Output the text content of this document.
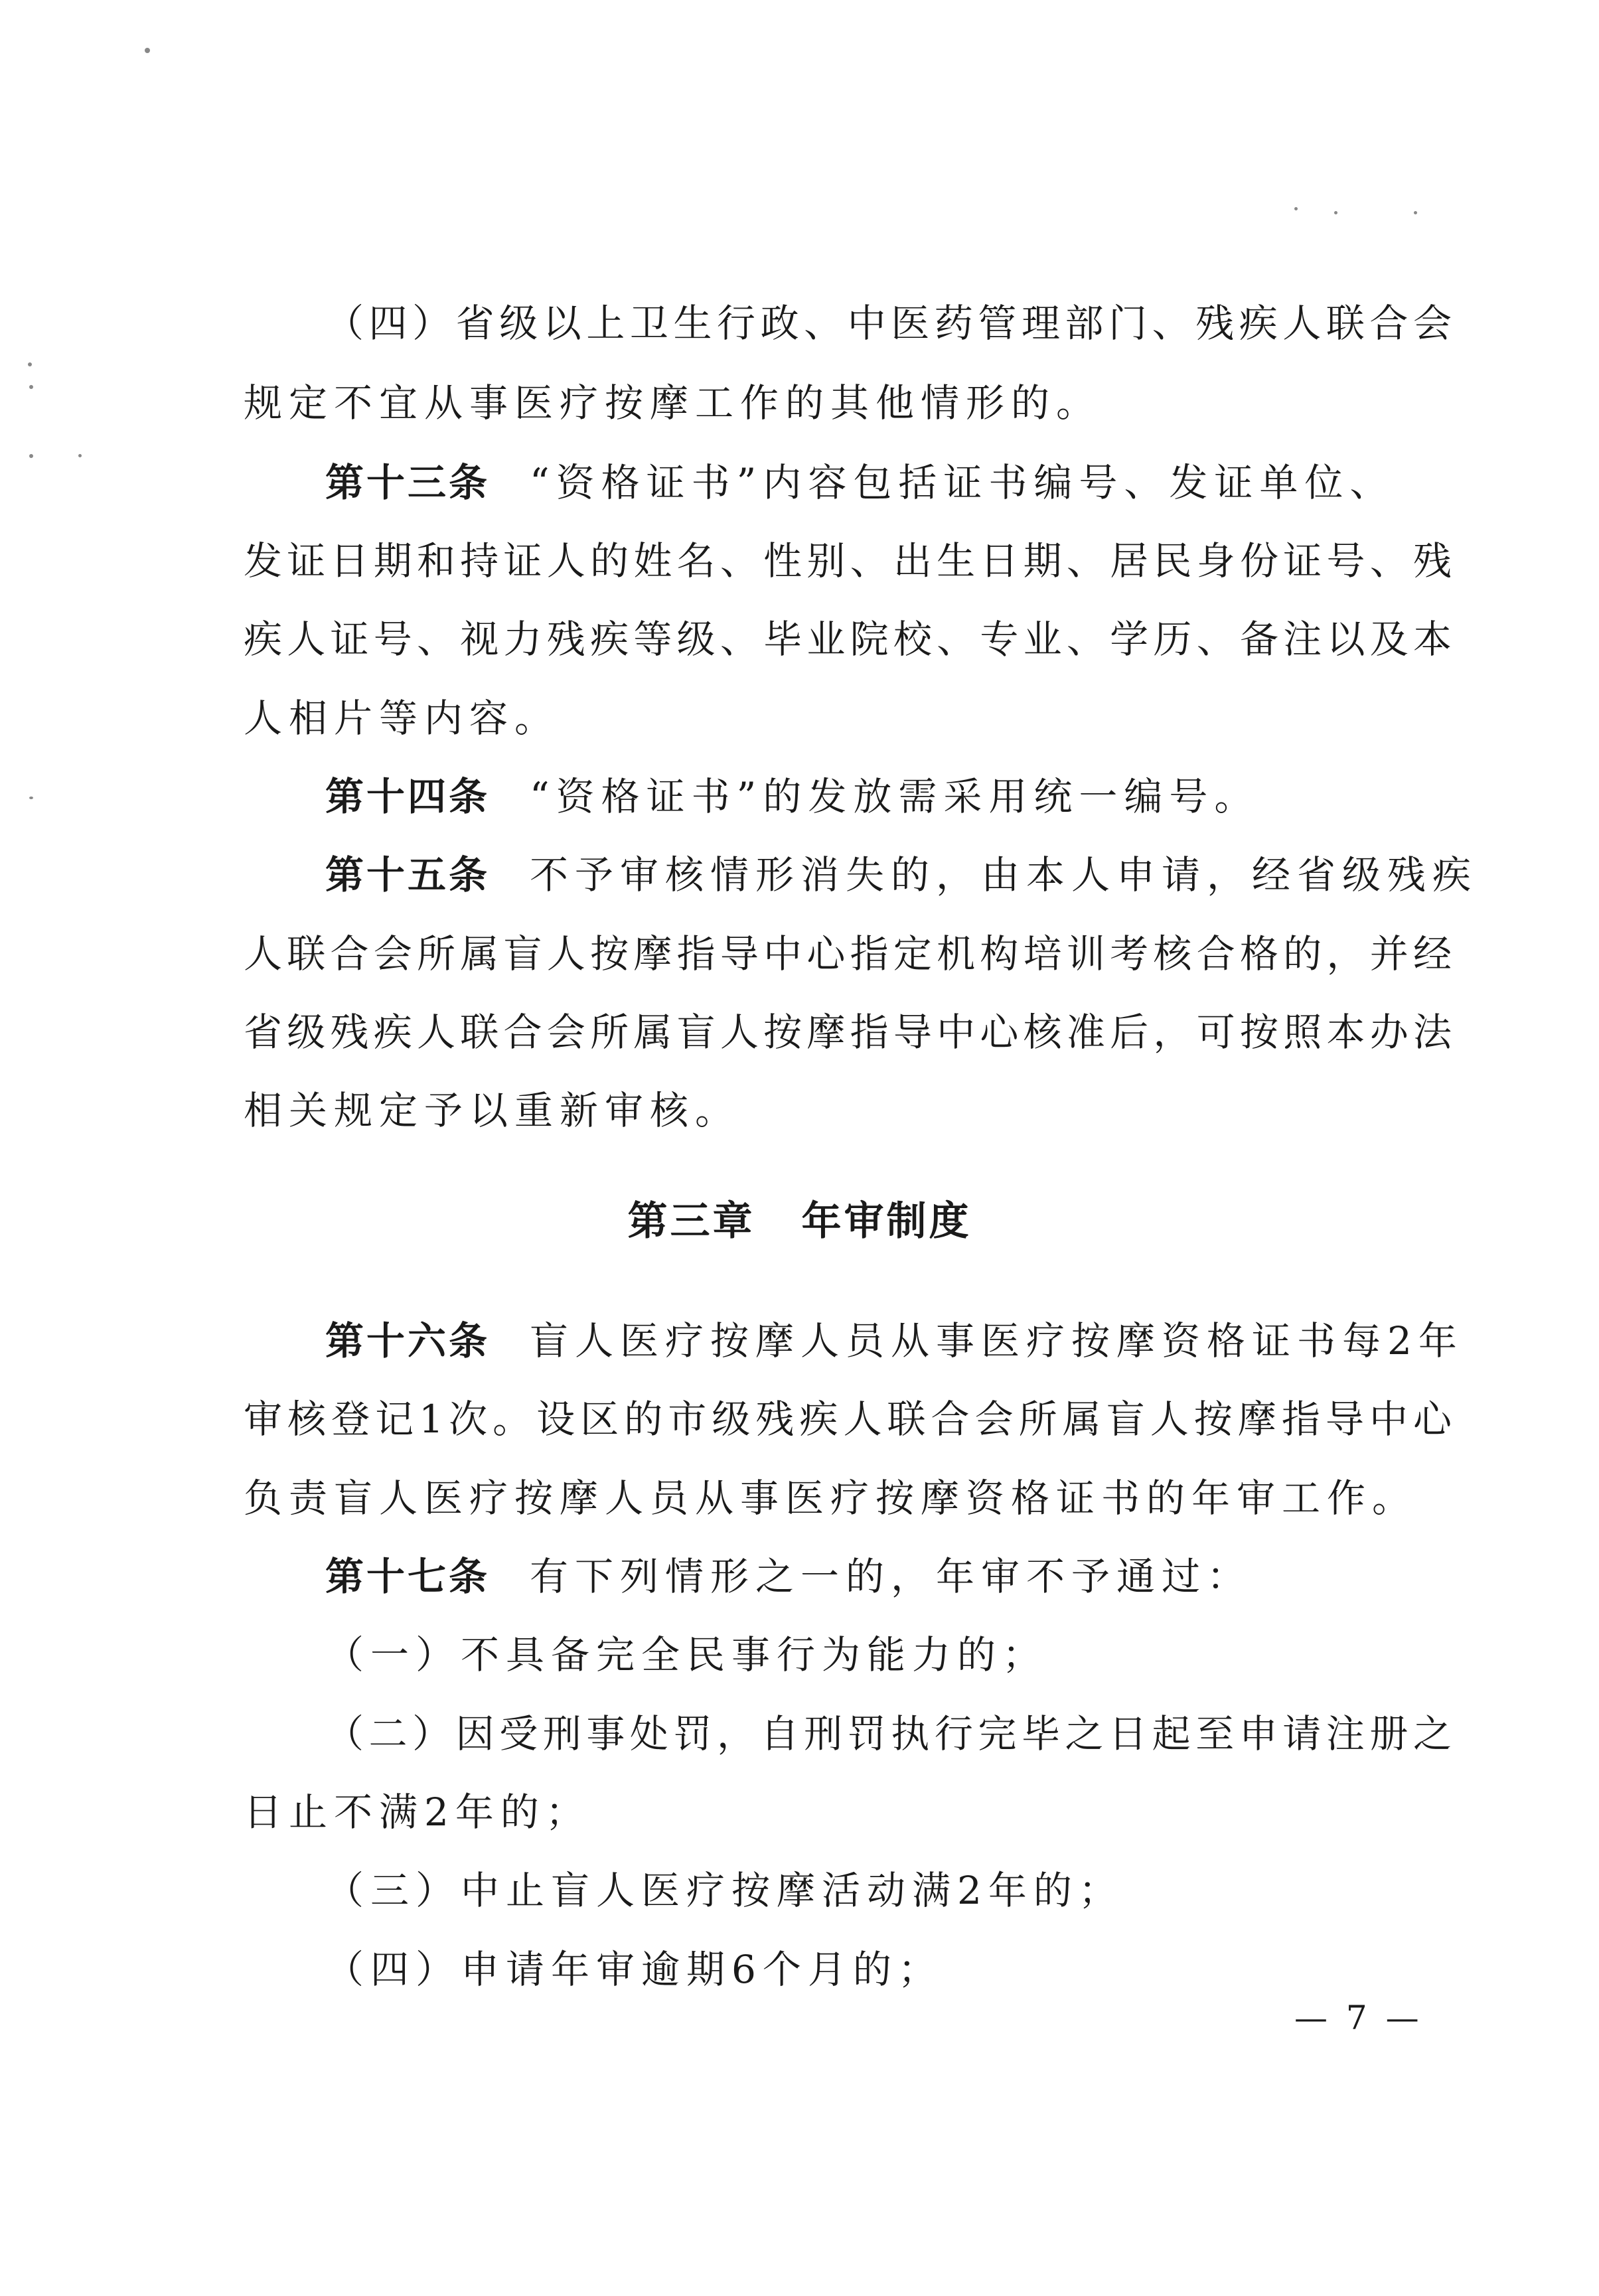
（四）省级以上卫生行政、中医药管理部门、残疾人联合会
规定不宜从事医疗按摩工作的其他情形的。
第十三条 “资格证书”内容包括证书编号、发证单位、
发证日期和持证人的姓名、性别、出生日期、居民身份证号、残
疾人证号、视力残疾等级、毕业院校、专业、学历、备注以及本
人相片等内容。
第十四条 “资格证书”的发放需采用统一编号。
第十五条 不予审核情形消失的，由本人申请，经省级残疾
人联合会所属盲人按摩指导中心指定机构培训考核合格的，并经
省级残疾人联合会所属盲人按摩指导中心核准后，可按照本办法
相关规定予以重新审核。
第三章 年审制度
第十六条 盲人医疗按摩人员从事医疗按摩资格证书每2年
审核登记1次。设区的市级残疾人联合会所属盲人按摩指导中心
负责盲人医疗按摩人员从事医疗按摩资格证书的年审工作。
第十七条 有下列情形之一的，年审不予通过：
（一）不具备完全民事行为能力的；
（二）因受刑事处罚，自刑罚执行完毕之日起至申请注册之
日止不满2年的；
（三）中止盲人医疗按摩活动满2年的；
（四）申请年审逾期6个月的；
— 7 —
